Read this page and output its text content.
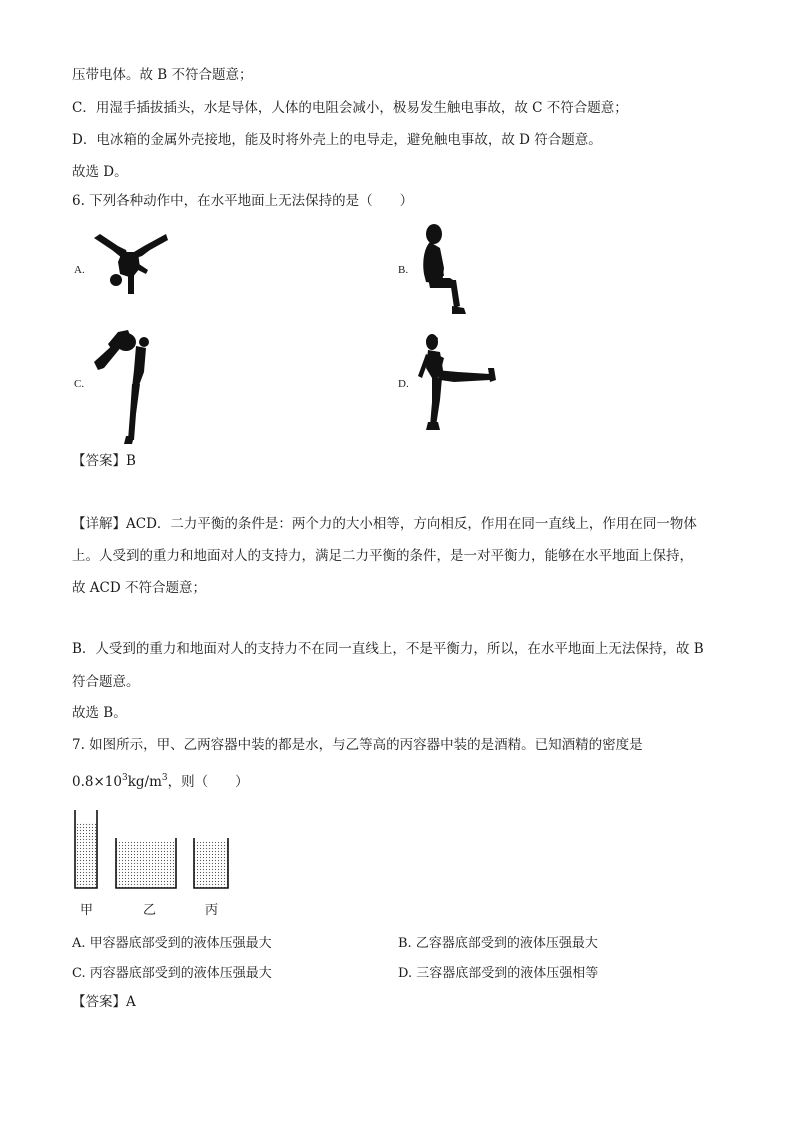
压带电体。故 B 不符合题意；
C．用湿手插拔插头，水是导体，人体的电阻会减小，极易发生触电事故，故 C 不符合题意；
D．电冰箱的金属外壳接地，能及时将外壳上的电导走，避免触电事故，故 D 符合题意。
故选 D。
6. 下列各种动作中，在水平地面上无法保持的是（　　）
A.	B.
C.	D.
【答案】B
【详解】ACD．二力平衡的条件是：两个力的大小相等，方向相反，作用在同一直线上，作用在同一物体
上。人受到的重力和地面对人的支持力，满足二力平衡的条件，是一对平衡力，能够在水平地面上保持，
故 ACD 不符合题意；
B．人受到的重力和地面对人的支持力不在同一直线上，不是平衡力，所以，在水平地面上无法保持，故 B
符合题意。
故选 B。
7. 如图所示，甲、乙两容器中装的都是水，与乙等高的丙容器中装的是酒精。已知酒精的密度是
$0.8\times 10^3kg/m^3$，则（　　）
甲	乙	丙
A. 甲容器底部受到的液体压强最大	B. 乙容器底部受到的液体压强最大
C. 丙容器底部受到的液体压强最大	D. 三容器底部受到的液体压强相等
【答案】A
